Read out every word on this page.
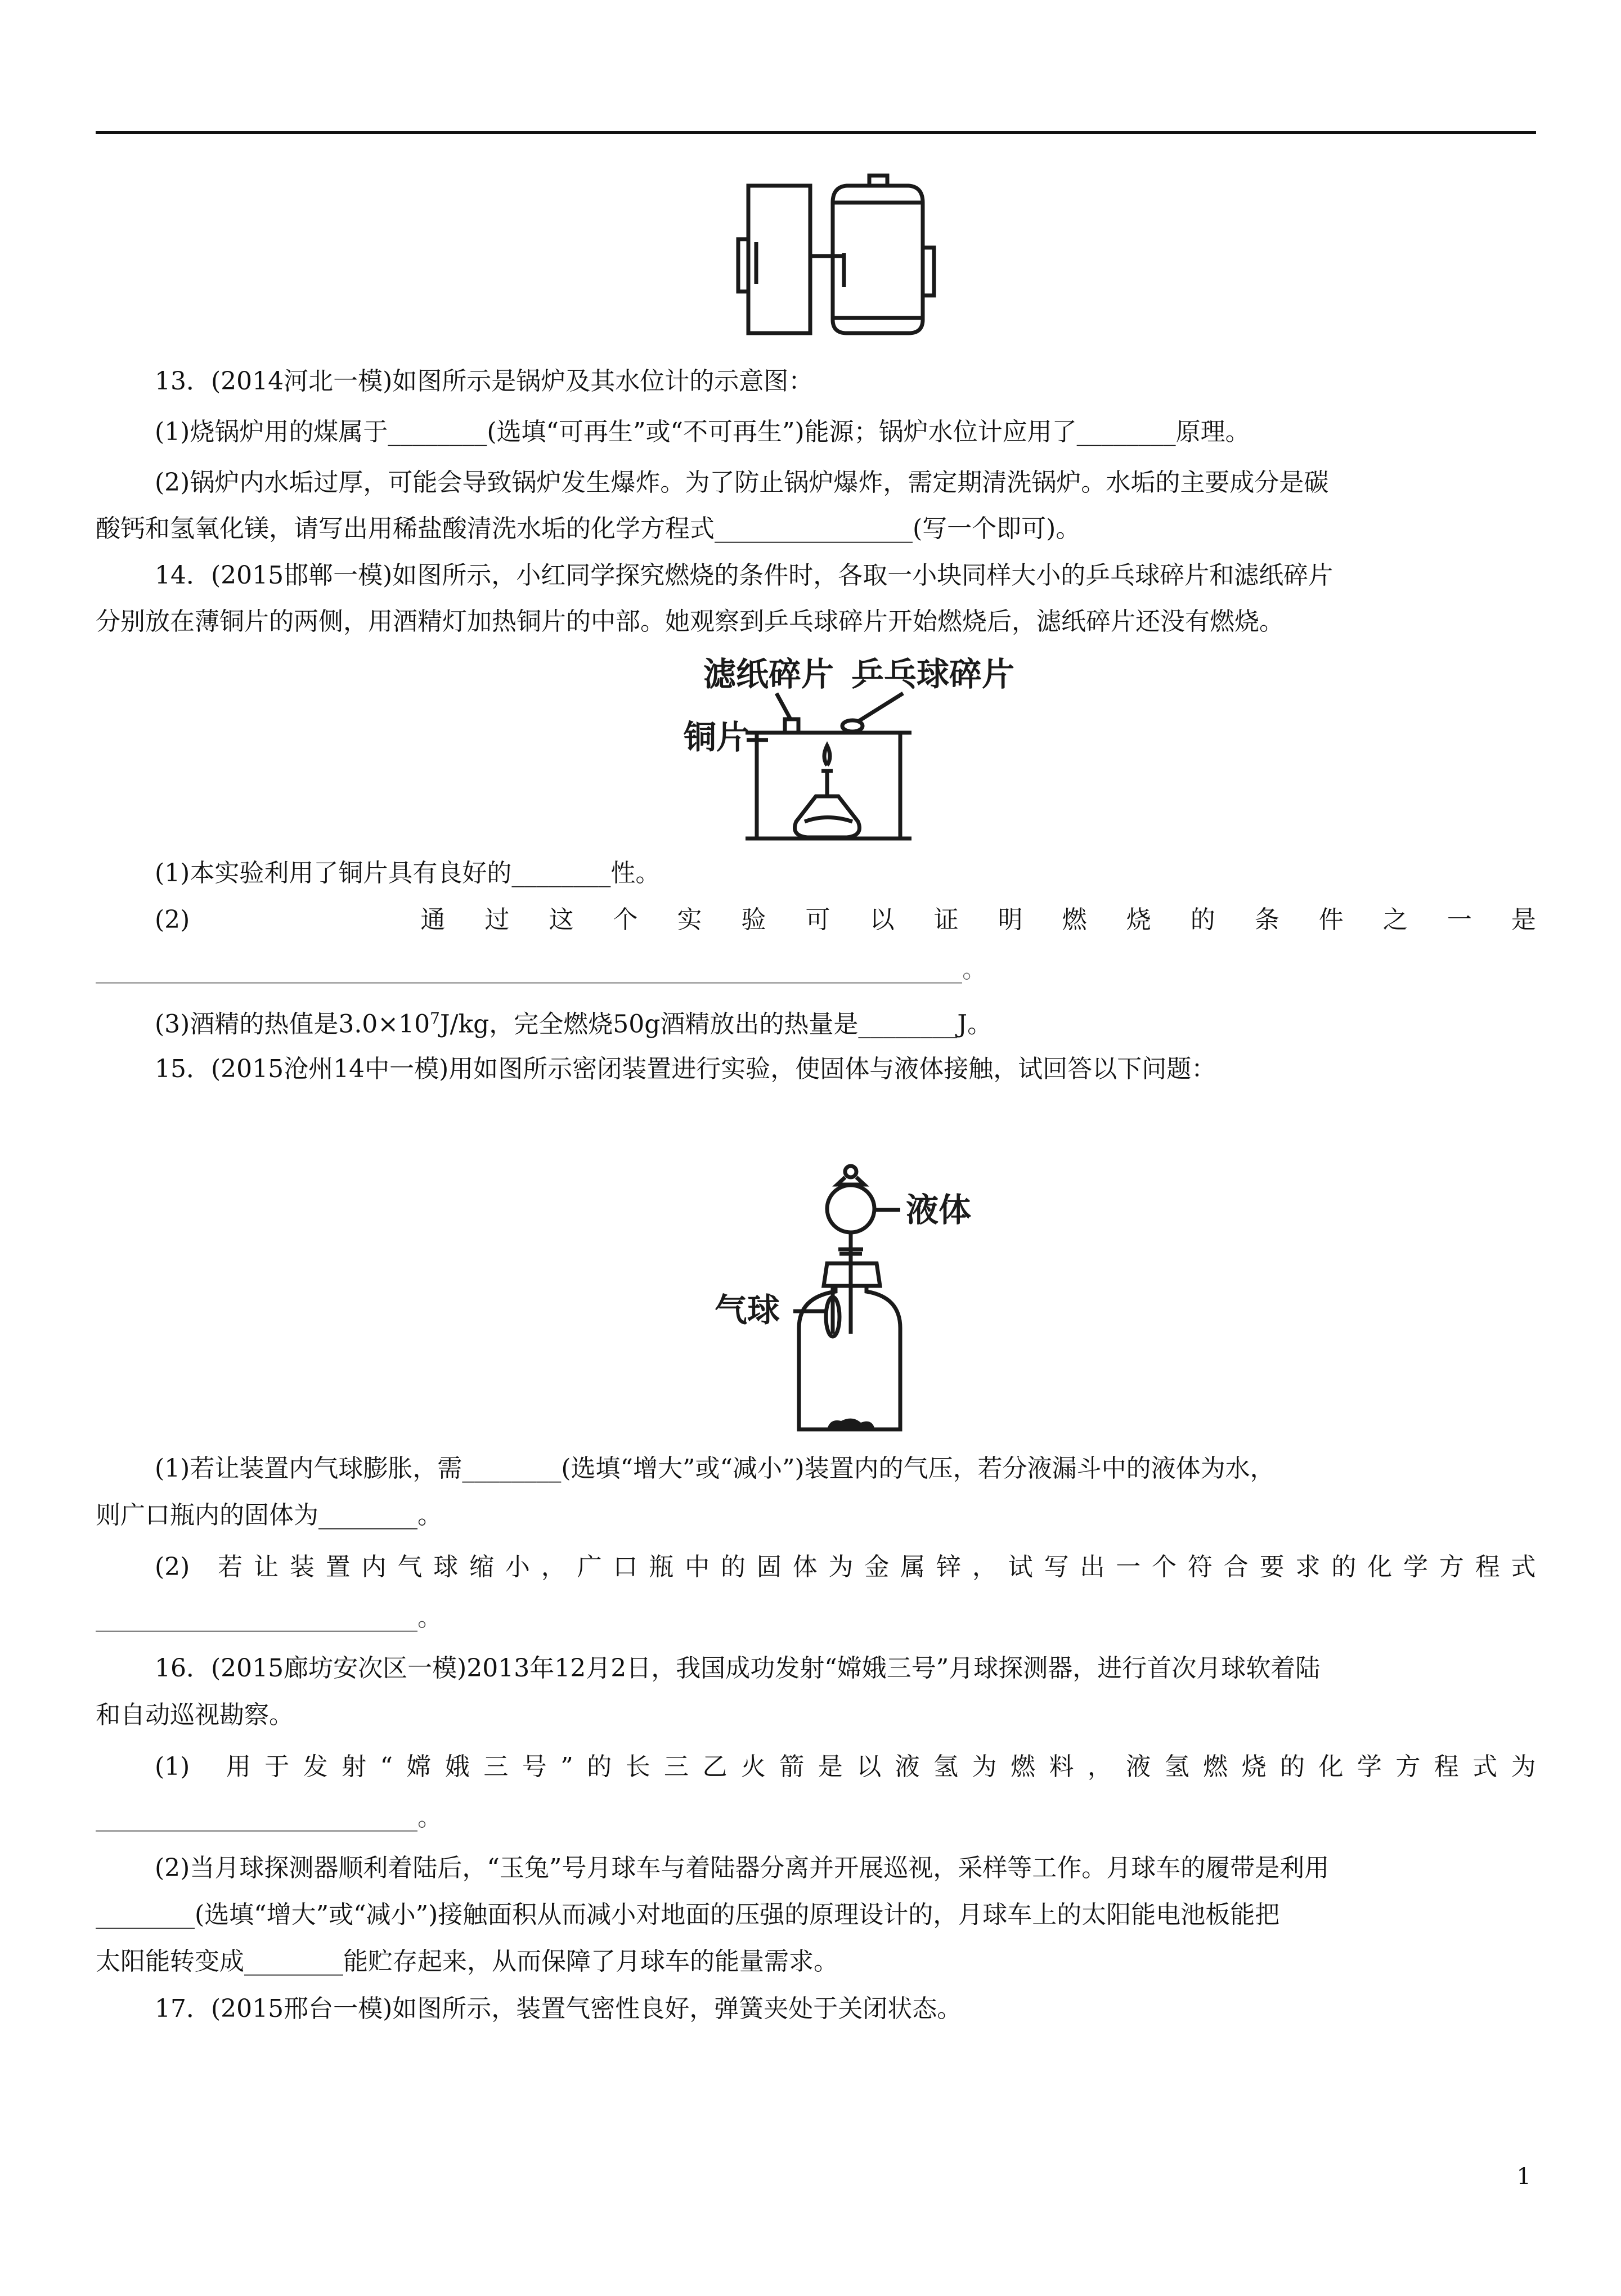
13．(2014河北一模)如图所示是锅炉及其水位计的示意图：
(1)烧锅炉用的煤属于________(选填“可再生”或“不可再生”)能源；锅炉水位计应用了________原理。
(2)锅炉内水垢过厚，可能会导致锅炉发生爆炸。为了防止锅炉爆炸，需定期清洗锅炉。水垢的主要成分是碳
酸钙和氢氧化镁，请写出用稀盐酸清洗水垢的化学方程式________________(写一个即可)。
14．(2015邯郸一模)如图所示，小红同学探究燃烧的条件时，各取一小块同样大小的乒乓球碎片和滤纸碎片
分别放在薄铜片的两侧，用酒精灯加热铜片的中部。她观察到乒乓球碎片开始燃烧后，滤纸碎片还没有燃烧。
滤纸碎片 乒乓球碎片
铜片
(1)本实验利用了铜片具有良好的________性。
(2)	通 过 这 个 实 验 可 以 证 明 燃 烧 的 条 件 之 一 是
______________________________________________________________________。
(3)酒精的热值是$3.0\times 10^7J/kg$，完全燃烧50g酒精放出的热量是________J。
15．(2015沧州14中一模)用如图所示密闭装置进行实验，使固体与液体接触，试回答以下问题：
液体
气球
(1)若让装置内气球膨胀，需________(选填“增大”或“减小”)装置内的气压，若分液漏斗中的液体为水，
则广口瓶内的固体为________。
(2) 若 让 装 置 内 气 球 缩 小 ， 广 口 瓶 中 的 固 体 为 金 属 锌 ， 试 写 出 一 个 符 合 要 求 的 化 学 方 程 式
__________________________。
16．(2015廊坊安次区一模)2013年12月2日，我国成功发射“嫦娥三号”月球探测器，进行首次月球软着陆
和自动巡视勘察。
(1) 用 于 发 射 “ 嫦 娥 三 号 ” 的 长 三 乙 火 箭 是 以 液 氢 为 燃 料 ， 液 氢 燃 烧 的 化 学 方 程 式 为
__________________________。
(2)当月球探测器顺利着陆后，“玉兔”号月球车与着陆器分离并开展巡视，采样等工作。月球车的履带是利用
________(选填“增大”或“减小”)接触面积从而减小对地面的压强的原理设计的，月球车上的太阳能电池板能把
太阳能转变成________能贮存起来，从而保障了月球车的能量需求。
17．(2015邢台一模)如图所示，装置气密性良好，弹簧夹处于关闭状态。
1
